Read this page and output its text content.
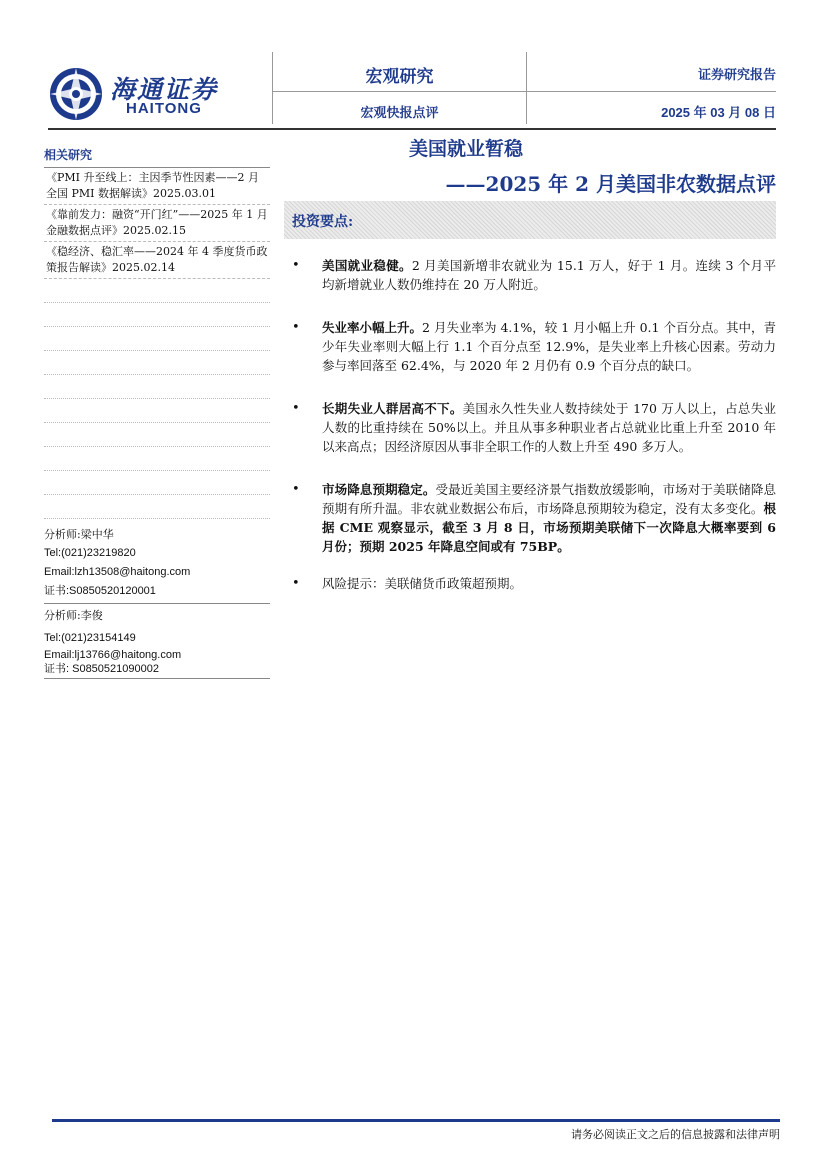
海通证券
HAITONG
宏观研究
宏观快报点评
证券研究报告
2025 年 03 月 08 日
相关研究
《PMI 升至线上：主因季节性因素——2 月全国 PMI 数据解读》2025.03.01
《靠前发力：融资“开门红”——2025 年 1 月金融数据点评》2025.02.15
《稳经济、稳汇率——2024 年 4 季度货币政策报告解读》2025.02.14
分析师:梁中华
Tel:(021)23219820
Email:lzh13508@haitong.com
证书:S0850520120001
分析师:李俊
Tel:(021)23154149
Email:lj13766@haitong.com
证书: S0850521090002
美国就业暂稳
——2025 年 2 月美国非农数据点评
投资要点:
• 美国就业稳健。2 月美国新增非农就业为 15.1 万人，好于 1 月。连续 3 个月平均新增就业人数仍维持在 20 万人附近。
• 失业率小幅上升。2 月失业率为 4.1%，较 1 月小幅上升 0.1 个百分点。其中，青少年失业率则大幅上行 1.1 个百分点至 12.9%，是失业率上升核心因素。劳动力参与率回落至 62.4%，与 2020 年 2 月仍有 0.9 个百分点的缺口。
• 长期失业人群居高不下。美国永久性失业人数持续处于 170 万人以上，占总失业人数的比重持续在 50%以上。并且从事多种职业者占总就业比重上升至 2010 年以来高点；因经济原因从事非全职工作的人数上升至 490 多万人。
• 市场降息预期稳定。受最近美国主要经济景气指数放缓影响，市场对于美联储降息预期有所升温。非农就业数据公布后，市场降息预期较为稳定，没有太多变化。根据 CME 观察显示，截至 3 月 8 日，市场预期美联储下一次降息大概率要到 6 月份；预期 2025 年降息空间或有 75BP。
• 风险提示：美联储货币政策超预期。
请务必阅读正文之后的信息披露和法律声明
